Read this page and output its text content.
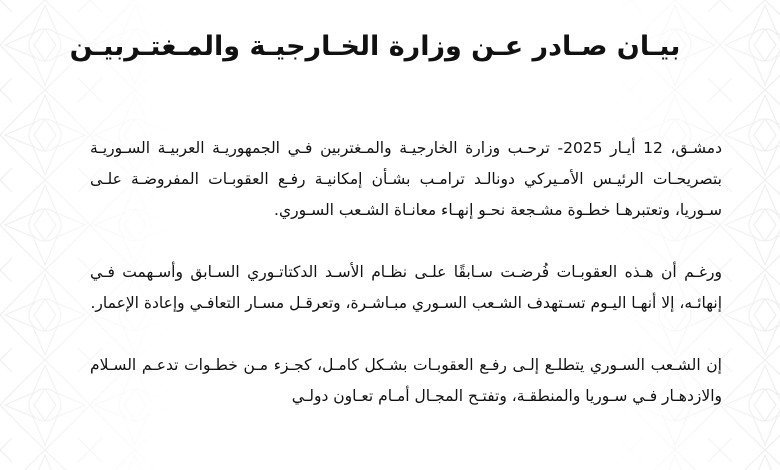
بيـان صـادر عـن وزارة الخـارجيـة والمـغتـربيـن

دمشـق، 12 أيـار 2025- ترحـب وزارة الخارجيـة والمـغتربين فـي الجمهوريـة العربيـة السـوريـة بتصريحـات الرئيـس الأمـيركي دونالـد ترامـب بشـأن إمكانيـة رفـع العقوبـات المفروضـة علـى سـوريا، وتعتبرهـا خطـوة مشـجعة نحـو إنهـاء معانـاة الشـعب السـوري.

ورغـم أن هـذه العقوبـات فُرضـت سـابقًا علـى نظـام الأسـد الدكتاتـوري السـابق وأسـهمت فـي إنهائـه، إلا أنهـا اليـوم تسـتهدف الشـعب السـوري مبـاشـرة، وتعرقـل مسـار التعافـي وإعادة الإعمار.

إن الشـعب السـوري يتطلـع إلـى رفـع العقوبـات بشـكل كامـل، كجـزء مـن خطـوات تدعـم السـلام والازدهـار فـي سـوريا والمنطقـة، وتفتـح المجـال أمـام تعـاون دولـي
